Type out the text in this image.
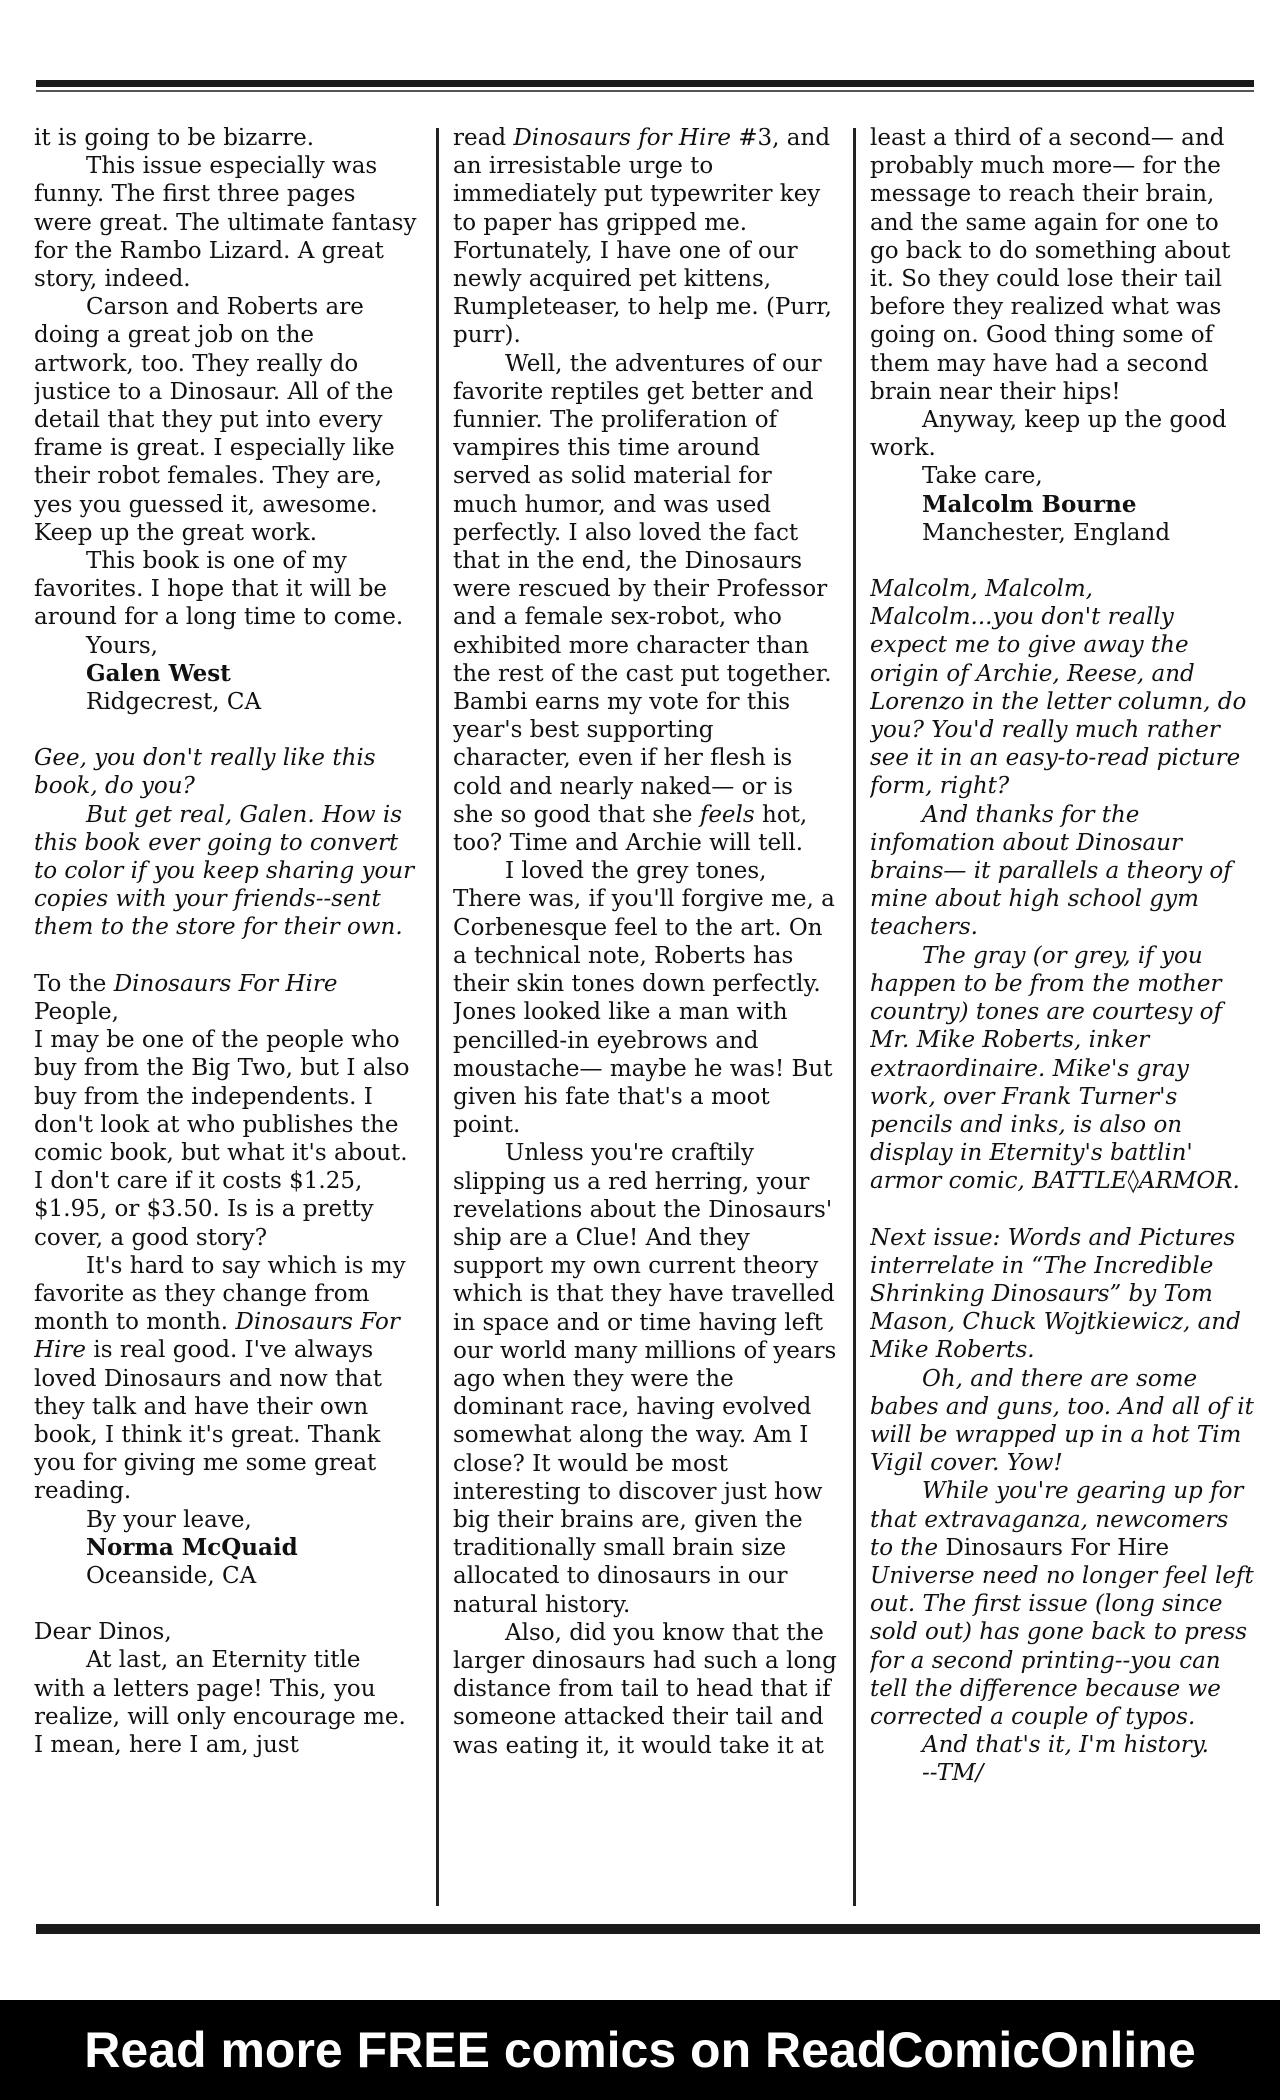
it is going to be bizarre.

This issue especially was funny. The first three pages were great. The ultimate fantasy for the Rambo Lizard. A great story, indeed.

Carson and Roberts are doing a great job on the artwork, too. They really do justice to a Dinosaur. All of the detail that they put into every frame is great. I especially like their robot females. They are, yes you guessed it, awesome. Keep up the great work.

This book is one of my favorites. I hope that it will be around for a long time to come.

Yours,

Galen West

Ridgecrest, CA

Gee, you don't really like this book, do you?

But get real, Galen. How is this book ever going to convert to color if you keep sharing your copies with your friends--sent them to the store for their own.

To the Dinosaurs For Hire People,

I may be one of the people who buy from the Big Two, but I also buy from the independents. I don't look at who publishes the comic book, but what it's about. I don't care if it costs $1.25, $1.95, or $3.50. Is is a pretty cover, a good story?

It's hard to say which is my favorite as they change from month to month. Dinosaurs For Hire is real good. I've always loved Dinosaurs and now that they talk and have their own book, I think it's great. Thank you for giving me some great reading.

By your leave,

Norma McQuaid

Oceanside, CA

Dear Dinos,

At last, an Eternity title with a letters page! This, you realize, will only encourage me. I mean, here I am, just

read Dinosaurs for Hire #3, and an irresistable urge to immediately put typewriter key to paper has gripped me. Fortunately, I have one of our newly acquired pet kittens, Rumpleteaser, to help me. (Purr, purr).

Well, the adventures of our favorite reptiles get better and funnier. The proliferation of vampires this time around served as solid material for much humor, and was used perfectly. I also loved the fact that in the end, the Dinosaurs were rescued by their Professor and a female sex-robot, who exhibited more character than the rest of the cast put together. Bambi earns my vote for this year's best supporting character, even if her flesh is cold and nearly naked— or is she so good that she feels hot, too? Time and Archie will tell.

I loved the grey tones, There was, if you'll forgive me, a Corbenesque feel to the art. On a technical note, Roberts has their skin tones down perfectly. Jones looked like a man with pencilled-in eyebrows and moustache— maybe he was! But given his fate that's a moot point.

Unless you're craftily slipping us a red herring, your revelations about the Dinosaurs' ship are a Clue! And they support my own current theory which is that they have travelled in space and or time having left our world many millions of years ago when they were the dominant race, having evolved somewhat along the way. Am I close? It would be most interesting to discover just how big their brains are, given the traditionally small brain size allocated to dinosaurs in our natural history.

Also, did you know that the larger dinosaurs had such a long distance from tail to head that if someone attacked their tail and was eating it, it would take it at

least a third of a second— and probably much more— for the message to reach their brain, and the same again for one to go back to do something about it. So they could lose their tail before they realized what was going on. Good thing some of them may have had a second brain near their hips!

Anyway, keep up the good work.

Take care,

Malcolm Bourne

Manchester, England

Malcolm, Malcolm, Malcolm...you don't really expect me to give away the origin of Archie, Reese, and Lorenzo in the letter column, do you? You'd really much rather see it in an easy-to-read picture form, right?

And thanks for the infomation about Dinosaur brains— it parallels a theory of mine about high school gym teachers.

The gray (or grey, if you happen to be from the mother country) tones are courtesy of Mr. Mike Roberts, inker extraordinaire. Mike's gray work, over Frank Turner's pencils and inks, is also on display in Eternity's battlin' armor comic, BATTLE◊ARMOR.

Next issue: Words and Pictures interrelate in “The Incredible Shrinking Dinosaurs” by Tom Mason, Chuck Wojtkiewicz, and Mike Roberts.

Oh, and there are some babes and guns, too. And all of it will be wrapped up in a hot Tim Vigil cover. Yow!

While you're gearing up for that extravaganza, newcomers to the Dinosaurs For Hire Universe need no longer feel left out. The first issue (long since sold out) has gone back to press for a second printing--you can tell the difference because we corrected a couple of typos.

And that's it, I'm history.

--TM/

Read more FREE comics on ReadComicOnline
